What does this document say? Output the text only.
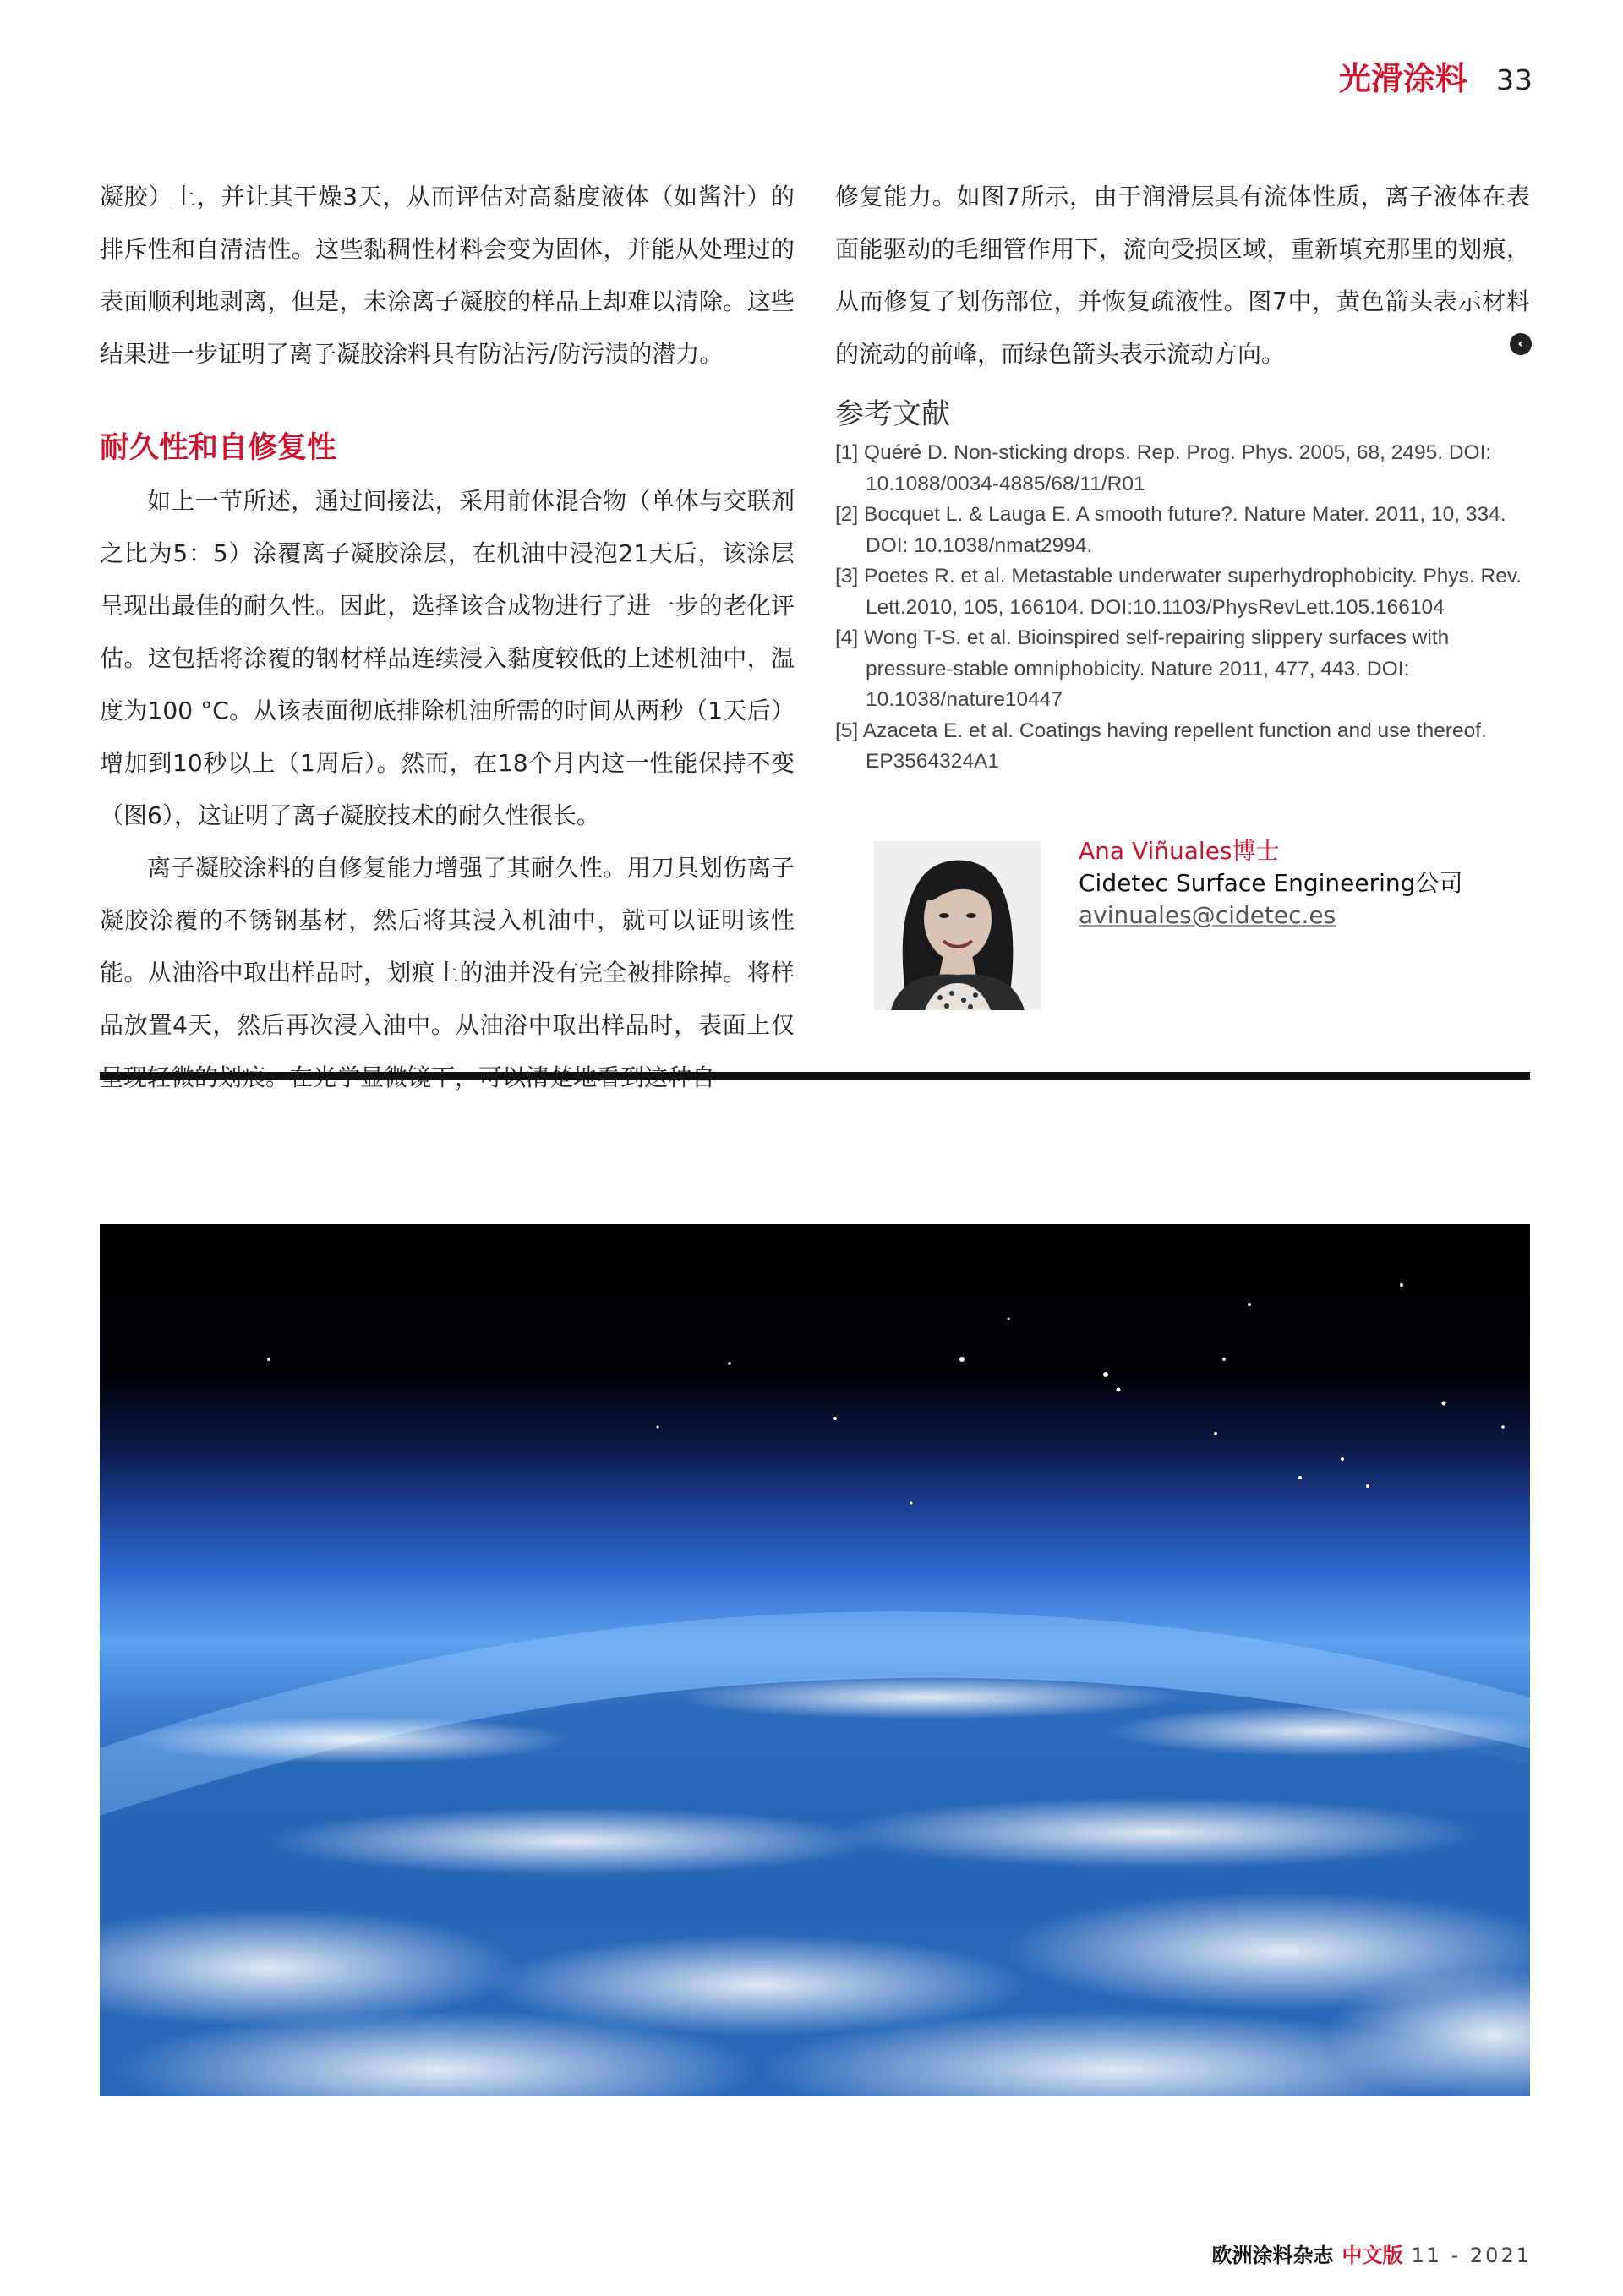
光滑涂料 33

凝胶）上，并让其干燥3天，从而评估对高黏度液体（如酱汁）的排斥性和自清洁性。这些黏稠性材料会变为固体，并能从处理过的表面顺利地剥离，但是，未涂离子凝胶的样品上却难以清除。这些结果进一步证明了离子凝胶涂料具有防沾污/防污渍的潜力。

耐久性和自修复性

如上一节所述，通过间接法，采用前体混合物（单体与交联剂之比为5：5）涂覆离子凝胶涂层，在机油中浸泡21天后，该涂层呈现出最佳的耐久性。因此，选择该合成物进行了进一步的老化评估。这包括将涂覆的钢材样品连续浸入黏度较低的上述机油中，温度为100 °C。从该表面彻底排除机油所需的时间从两秒（1天后）增加到10秒以上（1周后）。然而，在18个月内这一性能保持不变（图6），这证明了离子凝胶技术的耐久性很长。

离子凝胶涂料的自修复能力增强了其耐久性。用刀具划伤离子凝胶涂覆的不锈钢基材，然后将其浸入机油中，就可以证明该性能。从油浴中取出样品时，划痕上的油并没有完全被排除掉。将样品放置4天，然后再次浸入油中。从油浴中取出样品时，表面上仅

修复能力。如图7所示，由于润滑层具有流体性质，离子液体在表面能驱动的毛细管作用下，流向受损区域，重新填充那里的划痕，从而修复了划伤部位，并恢复疏液性。图7中，黄色箭头表示材料的流动的前峰，而绿色箭头表示流动方向。	‹
参考文献
[1] Quéré D. Non-sticking drops. Rep. Prog. Phys. 2005, 68, 2495. DOI: 10.1088/0034-4885/68/11/R01
[2] Bocquet L. & Lauga E. A smooth future?. Nature Mater. 2011, 10, 334. DOI: 10.1038/nmat2994.
[3] Poetes R. et al. Metastable underwater superhydrophobicity. Phys. Rev. Lett.2010, 105, 166104. DOI:10.1103/PhysRevLett.105.166104
[4] Wong T-S. et al. Bioinspired self-repairing slippery surfaces with pressure-stable omniphobicity. Nature 2011, 477, 443. DOI: 10.1038/nature10447
[5] Azaceta E. et al. Coatings having repellent function and use thereof. EP3564324A1
Ana Viñuales博士
Cidetec Surface Engineering公司
avinuales@cidetec.es
欧洲涂料杂志 中文版 11 - 2021
